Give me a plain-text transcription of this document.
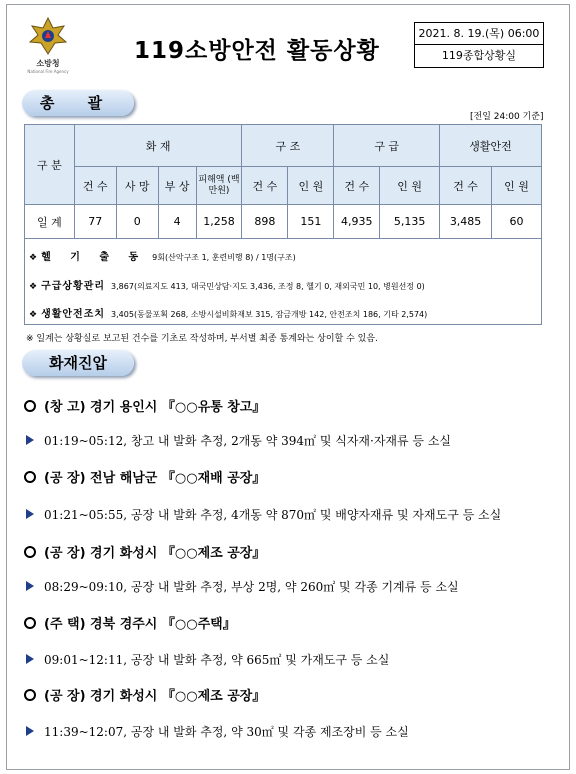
소방청
National Fire Agency
119소방안전 활동상황
2021. 8. 19.(목) 06:00
119종합상황실
총 괄
[전일 24:00 기준]
구 분	화 재				구 조		구 급		생활안전	
	건 수	사 망	부 상	피해액 (백만원)	건 수	인 원	건 수	인 원	건 수	인 원
일 계	77	0	4	1,258	898	151	4,935	5,135	3,485	60
❖ 헬 기 출 동 9회(산악구조 1, 훈련비행 8) / 1명(구조)
❖ 구급상황관리 3,867(의료지도 413, 대국민상담·지도 3,436, 조정 8, 헬기 0, 재외국민 10, 병원선정 0)
❖ 생활안전조치 3,405(동물포획 268, 소방시설비화재보 315, 잠금개방 142, 안전조치 186, 기타 2,574)
※ 일계는 상황실로 보고된 건수를 기초로 작성하며, 부서별 최종 통계와는 상이할 수 있음.
화재진압
(창 고) 경기 용인시 『○○유통 창고』
01:19~05:12, 창고 내 발화 추정, 2개동 약 394㎡ 및 식자재·자재류 등 소실
(공 장) 전남 해남군 『○○재배 공장』
01:21~05:55, 공장 내 발화 추정, 4개동 약 870㎡ 및 배양자재류 및 자재도구 등 소실
(공 장) 경기 화성시 『○○제조 공장』
08:29~09:10, 공장 내 발화 추정, 부상 2명, 약 260㎡ 및 각종 기계류 등 소실
(주 택) 경북 경주시 『○○주택』
09:01~12:11, 공장 내 발화 추정, 약 665㎡ 및 가재도구 등 소실
(공 장) 경기 화성시 『○○제조 공장』
11:39~12:07, 공장 내 발화 추정, 약 30㎡ 및 각종 제조장비 등 소실
